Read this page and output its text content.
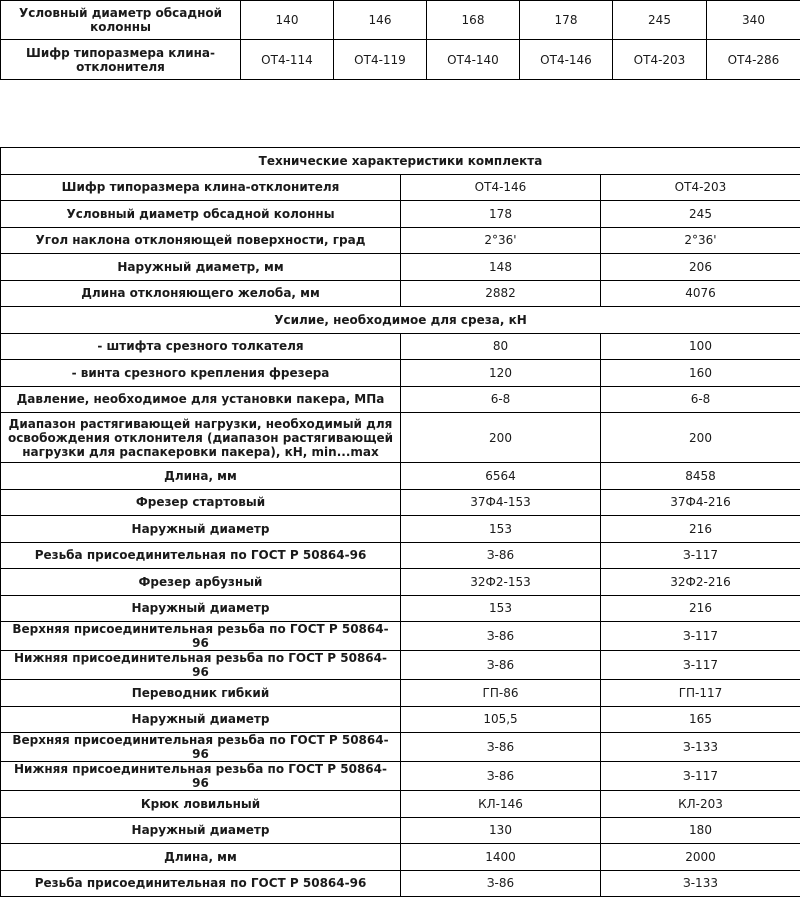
Условный диаметр обсадной колонны	140	146	168	178	245	340
Шифр типоразмера клина-отклонителя	ОТ4-114	ОТ4-119	ОТ4-140	ОТ4-146	ОТ4-203	ОТ4-286
Технические характеристики комплекта		
Шифр типоразмера клина-отклонителя	ОТ4-146	ОТ4-203
Условный диаметр обсадной колонны	178	245
Угол наклона отклоняющей поверхности, град	2°36'	2°36'
Наружный диаметр, мм	148	206
Длина отклоняющего желоба, мм	2882	4076
Усилие, необходимое для среза, кН		
- штифта срезного толкателя	80	100
- винта срезного крепления фрезера	120	160
Давление, необходимое для установки пакера, МПа	6-8	6-8
Диапазон растягивающей нагрузки, необходимый для освобождения отклонителя (диапазон растягивающей нагрузки для распакеровки пакера), кН, min...max	200	200
Длина, мм	6564	8458
Фрезер стартовый	37Ф4-153	37Ф4-216
Наружный диаметр	153	216
Резьба присоединительная по ГОСТ Р 50864-96	З-86	З-117
Фрезер арбузный	32Ф2-153	32Ф2-216
Наружный диаметр	153	216
Верхняя присоединительная резьба по ГОСТ Р 50864-96	З-86	З-117
Нижняя присоединительная резьба по ГОСТ Р 50864-96	З-86	З-117
Переводник гибкий	ГП-86	ГП-117
Наружный диаметр	105,5	165
Верхняя присоединительная резьба по ГОСТ Р 50864-96	З-86	З-133
Нижняя присоединительная резьба по ГОСТ Р 50864-96	З-86	З-117
Крюк ловильный	КЛ-146	КЛ-203
Наружный диаметр	130	180
Длина, мм	1400	2000
Резьба присоединительная по ГОСТ Р 50864-96	З-86	З-133
